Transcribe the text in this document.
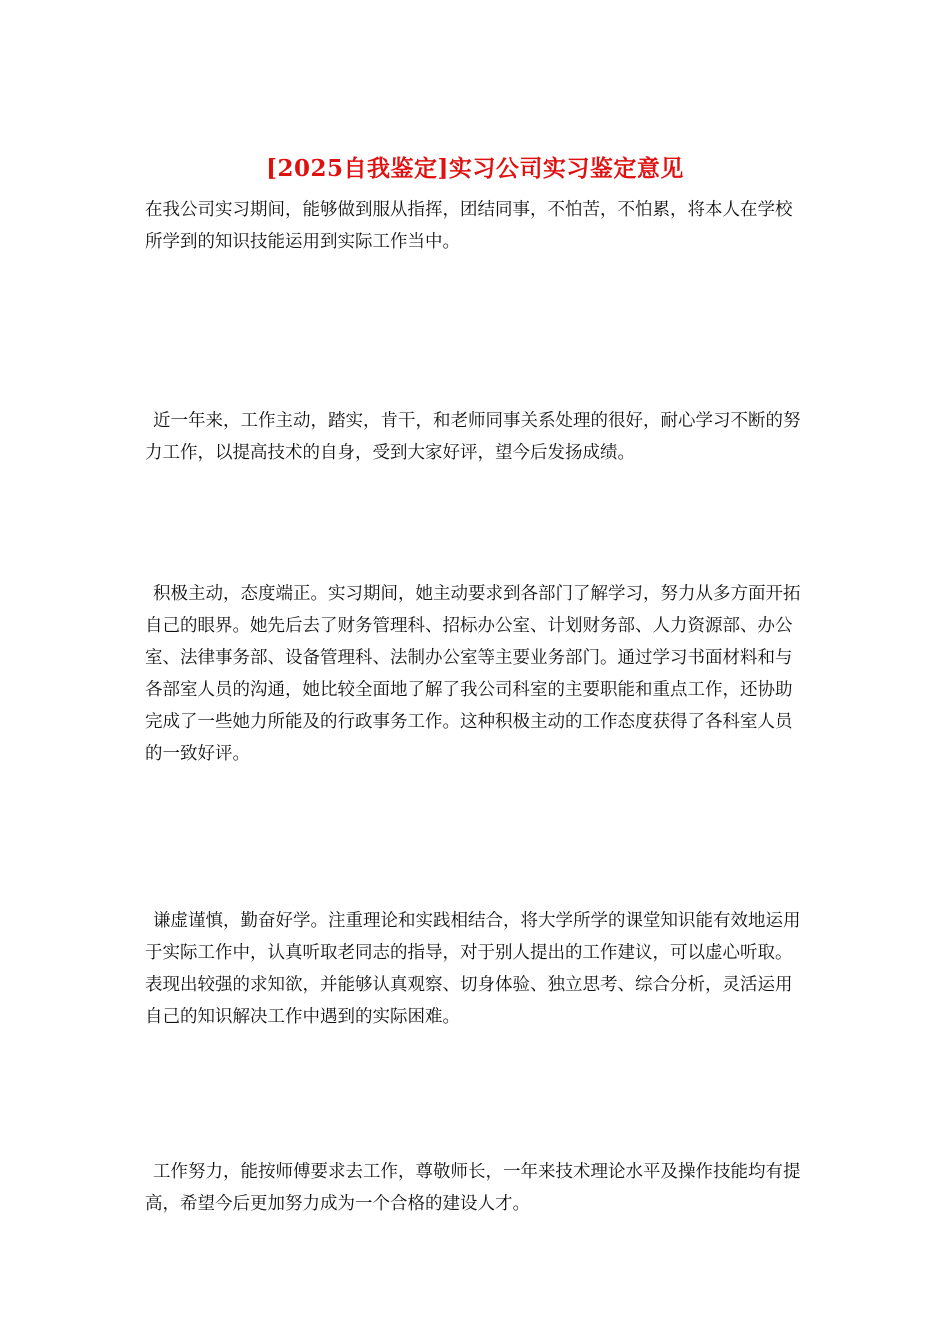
[2025自我鉴定]实习公司实习鉴定意见

在我公司实习期间，能够做到服从指挥，团结同事，不怕苦，不怕累，将本人在学校所学到的知识技能运用到实际工作当中。

近一年来，工作主动，踏实，肯干，和老师同事关系处理的很好，耐心学习不断的努力工作，以提高技术的自身，受到大家好评，望今后发扬成绩。

积极主动，态度端正。实习期间，她主动要求到各部门了解学习，努力从多方面开拓自己的眼界。她先后去了财务管理科、招标办公室、计划财务部、人力资源部、办公室、法律事务部、设备管理科、法制办公室等主要业务部门。通过学习书面材料和与各部室人员的沟通，她比较全面地了解了我公司科室的主要职能和重点工作，还协助完成了一些她力所能及的行政事务工作。这种积极主动的工作态度获得了各科室人员的一致好评。

谦虚谨慎，勤奋好学。注重理论和实践相结合，将大学所学的课堂知识能有效地运用于实际工作中，认真听取老同志的指导，对于别人提出的工作建议，可以虚心听取。表现出较强的求知欲，并能够认真观察、切身体验、独立思考、综合分析，灵活运用自己的知识解决工作中遇到的实际困难。

工作努力，能按师傅要求去工作，尊敬师长，一年来技术理论水平及操作技能均有提高，希望今后更加努力成为一个合格的建设人才。
